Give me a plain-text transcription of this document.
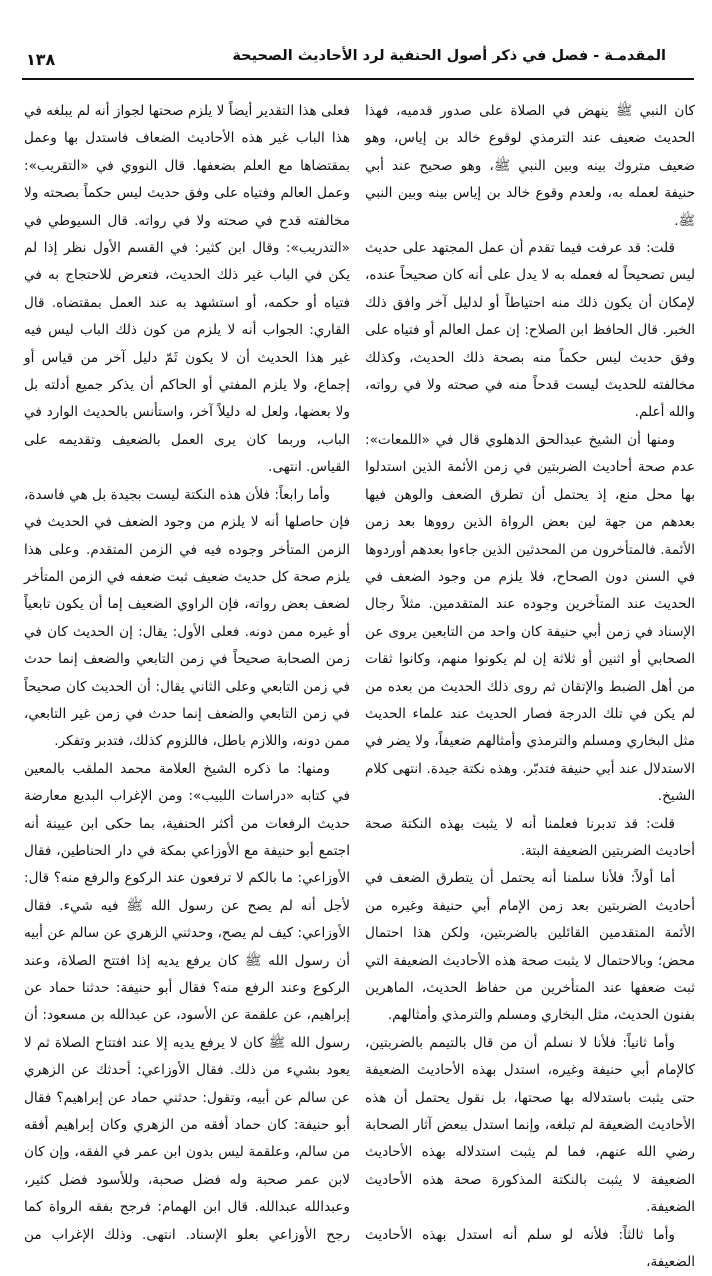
المقدمـة - فصل في ذكر أصول الحنفية لرد الأحاديث الصحيحة
١٣٨

كان النبي ﷺ ينهض في الصلاة على صدور قدميه، فهذا الحديث ضعيف عند الترمذي لوقوع خالد بن إياس، وهو ضعيف متروك بينه وبين النبي ﷺ، وهو صحيح عند أبي حنيفة لعمله به، ولعدم وقوع خالد بن إياس بينه وبين النبي ﷺ.

قلت: قد عرفت فيما تقدم أن عمل المجتهد على حديث ليس تصحيحاً له فعمله به لا يدل على أنه كان صحيحاً عنده، لإمكان أن يكون ذلك منه احتياطاً أو لدليل آخر وافق ذلك الخبر. قال الحافظ ابن الصلاح: إن عمل العالم أو فتياه على وفق حديث ليس حكماً منه بصحة ذلك الحديث، وكذلك مخالفته للحديث ليست قدحاً منه في صحته ولا في رواته، والله أعلم.

ومنها أن الشيخ عبدالحق الدهلوي قال في «اللمعات»: عدم صحة أحاديث الضربتين في زمن الأئمة الذين استدلوا بها محل منع، إذ يحتمل أن تطرق الضعف والوهن فيها بعدهم من جهة لين بعض الرواة الذين رووها بعد زمن الأئمة. فالمتأخرون من المحدثين الذين جاءوا بعدهم أوردوها في السنن دون الصحاح، فلا يلزم من وجود الضعف في الحديث عند المتأخرين وجوده عند المتقدمين. مثلاً رجال الإسناد في زمن أبي حنيفة كان واحد من التابعين يروى عن الصحابي أو اثنين أو ثلاثة إن لم يكونوا منهم، وكانوا ثقات من أهل الضبط والإتقان ثم روى ذلك الحديث من بعده من لم يكن في تلك الدرجة فصار الحديث عند علماء الحديث مثل البخاري ومسلم والترمذي وأمثالهم ضعيفاً، ولا يضر في الاستدلال عند أبي حنيفة فتدبّر. وهذه نكتة جيدة. انتهى كلام الشيخ.

قلت: قد تدبرنا فعلمنا أنه لا يثبت بهذه النكتة صحة أحاديث الضربتين الضعيفة البتة.

أما أولاً: فلأنا سلمنا أنه يحتمل أن يتطرق الضعف في أحاديث الضربتين بعد زمن الإمام أبي حنيفة وغيره من الأئمة المتقدمين القائلين بالضربتين، ولكن هذا احتمال محض؛ وبالاحتمال لا يثبت صحة هذه الأحاديث الضعيفة التي ثبت ضعفها عند المتأخرين من حفاظ الحديث، الماهرين بفنون الحديث، مثل البخاري ومسلم والترمذي وأمثالهم.

وأما ثانياً: فلأنا لا نسلم أن من قال بالتيمم بالضربتين، كالإمام أبي حنيفة وغيره، استدل بهذه الأحاديث الضعيفة حتى يثبت باستدلاله بها صحتها، بل نقول يحتمل أن هذه الأحاديث الضعيفة لم تبلغه، وإنما استدل ببعض آثار الصحابة رضي الله عنهم، فما لم يثبت استدلاله بهذه الأحاديث الضعيفة لا يثبت بالنكتة المذكورة صحة هذه الأحاديث الضعيفة.

وأما ثالثاً: فلأنه لو سلم أنه استدل بهذه الأحاديث الضعيفة،

فعلى هذا التقدير أيضاً لا يلزم صحتها لجواز أنه لم يبلغه في هذا الباب غير هذه الأحاديث الضعاف فاستدل بها وعمل بمقتضاها مع العلم بضعفها. قال النووي في «التقريب»: وعمل العالم وفتياه على وفق حديث ليس حكماً بصحته ولا مخالفته قدح في صحته ولا في رواته. قال السيوطي في «التدريب»: وقال ابن كثير: في القسم الأول نظر إذا لم يكن في الباب غير ذلك الحديث، فتعرض للاحتجاج به في فتياه أو حكمه، أو استشهد به عند العمل بمقتضاه. قال القاري: الجواب أنه لا يلزم من كون ذلك الباب ليس فيه غير هذا الحديث أن لا يكون ثَمّ دليل آخر من قياس أو إجماع، ولا يلزم المفتي أو الحاكم أن يذكر جميع أدلته بل ولا بعضها، ولعل له دليلاً آخر، واستأنس بالحديث الوارد في الباب، وربما كان يرى العمل بالضعيف وتقديمه على القياس. انتهى.

وأما رابعاً: فلأن هذه النكتة ليست بجيدة بل هي فاسدة، فإن حاصلها أنه لا يلزم من وجود الضعف في الحديث في الزمن المتأخر وجوده فيه في الزمن المتقدم. وعلى هذا يلزم صحة كل حديث ضعيف ثبت ضعفه في الزمن المتأخر لضعف بعض رواته، فإن الراوي الضعيف إما أن يكون تابعياً أو غيره ممن دونه. فعلى الأول: يقال: إن الحديث كان في زمن الصحابة صحيحاً في زمن التابعي والضعف إنما حدث في زمن التابعي وعلى الثاني يقال: أن الحديث كان صحيحاً في زمن التابعي والضعف إنما حدث في زمن غير التابعي، ممن دونه، واللازم باطل، فاللزوم كذلك، فتدبر وتفكر.

ومنها: ما ذكره الشيخ العلامة محمد الملقب بالمعين في كتابه «دراسات اللبيب»: ومن الإغراب البديع معارضة حديث الرفعات من أكثر الحنفية، بما حكى ابن عيينة أنه اجتمع أبو حنيفة مع الأوزاعي بمكة في دار الحناطين، فقال الأوزاعي: ما بالكم لا ترفعون عند الركوع والرفع منه؟ قال: لأجل أنه لم يصح عن رسول الله ﷺ فيه شيء. فقال الأوزاعي: كيف لم يصح، وحدثني الزهري عن سالم عن أبيه أن رسول الله ﷺ كان يرفع يديه إذا افتتح الصلاة، وعند الركوع وعند الرفع منه؟ فقال أبو حنيفة: حدثنا حماد عن إبراهيم، عن علقمة عن الأسود، عن عبدالله بن مسعود: أن رسول الله ﷺ كان لا يرفع يديه إلا عند افتتاح الصلاة ثم لا يعود بشيء من ذلك. فقال الأوزاعي: أحدثك عن الزهري عن سالم عن أبيه، وتقول: حدثني حماد عن إبراهيم؟ فقال أبو حنيفة: كان حماد أفقه من الزهري وكان إبراهيم أفقه من سالم، وعلقمة ليس بدون ابن عمر في الفقه، وإن كان لابن عمر صحبة وله فضل صحبة، وللأسود فضل كثير، وعبدالله عبدالله. قال ابن الهمام: فرجح بفقه الرواة كما رجح الأوزاعي بعلو الإسناد. انتهى. وذلك الإغراب من
